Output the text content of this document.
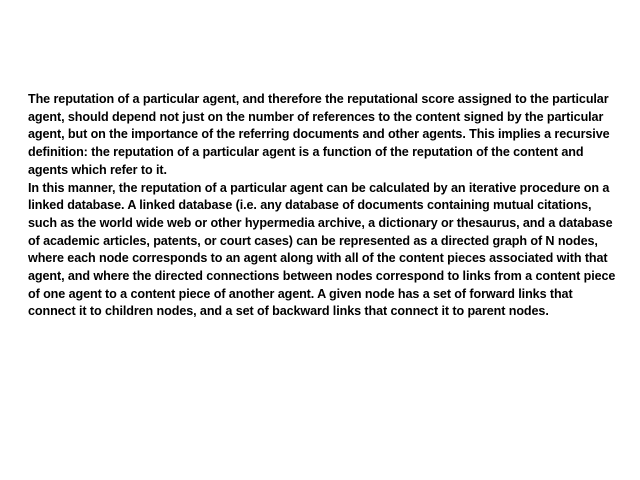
The reputation of a particular agent, and therefore the reputational score assigned to the particular agent, should depend not just on the number of references to the content signed by the particular agent, but on the importance of the referring documents and other agents. This implies a recursive definition: the reputation of a particular agent is a function of the reputation of the content and agents which refer to it.

In this manner, the reputation of a particular agent can be calculated by an iterative procedure on a linked database. A linked database (i.e. any database of documents containing mutual citations, such as the world wide web or other hypermedia archive, a dictionary or thesaurus, and a database of academic articles, patents, or court cases) can be represented as a directed graph of N nodes, where each node corresponds to an agent along with all of the content pieces associated with that agent, and where the directed connections between nodes correspond to links from a content piece of one agent to a content piece of another agent. A given node has a set of forward links that connect it to children nodes, and a set of backward links that connect it to parent nodes.
